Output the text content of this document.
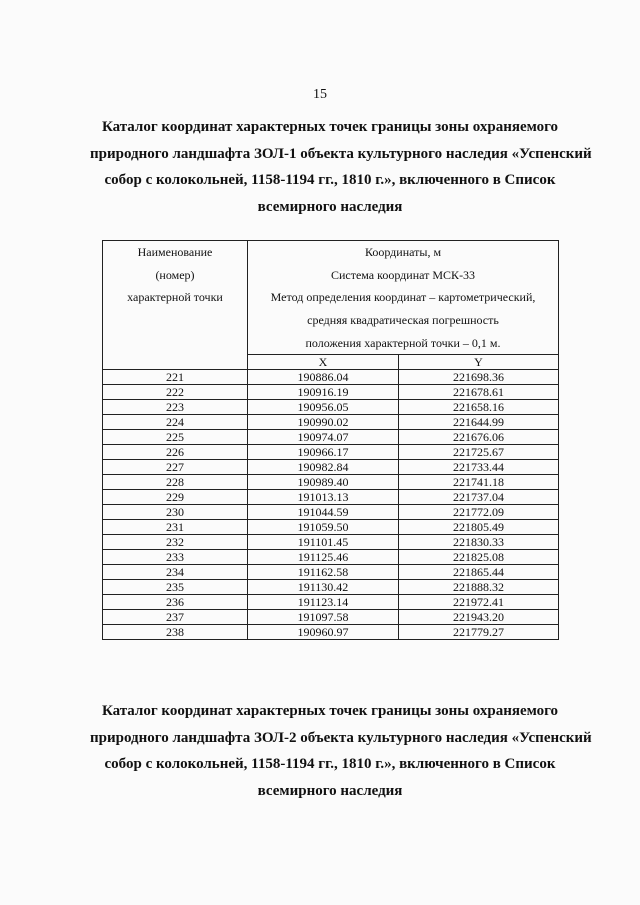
15
Каталог координат характерных точек границы зоны охраняемого
природного ландшафта ЗОЛ-1 объекта культурного наследия «Успенский
собор с колокольней, 1158-1194 гг., 1810 г.», включенного в Список
всемирного наследия
Наименование
(номер)
характерной точки	Координаты, м
Система координат МСК-33
Метод определения координат – картометрический,
средняя квадратическая погрешность
положения характерной точки – 0,1 м.	

	X	Y
221	190886.04	221698.36
222	190916.19	221678.61
223	190956.05	221658.16
224	190990.02	221644.99
225	190974.07	221676.06
226	190966.17	221725.67
227	190982.84	221733.44
228	190989.40	221741.18
229	191013.13	221737.04
230	191044.59	221772.09
231	191059.50	221805.49
232	191101.45	221830.33
233	191125.46	221825.08
234	191162.58	221865.44
235	191130.42	221888.32
236	191123.14	221972.41
237	191097.58	221943.20
238	190960.97	221779.27
Каталог координат характерных точек границы зоны охраняемого
природного ландшафта ЗОЛ-2 объекта культурного наследия «Успенский
собор с колокольней, 1158-1194 гг., 1810 г.», включенного в Список
всемирного наследия
